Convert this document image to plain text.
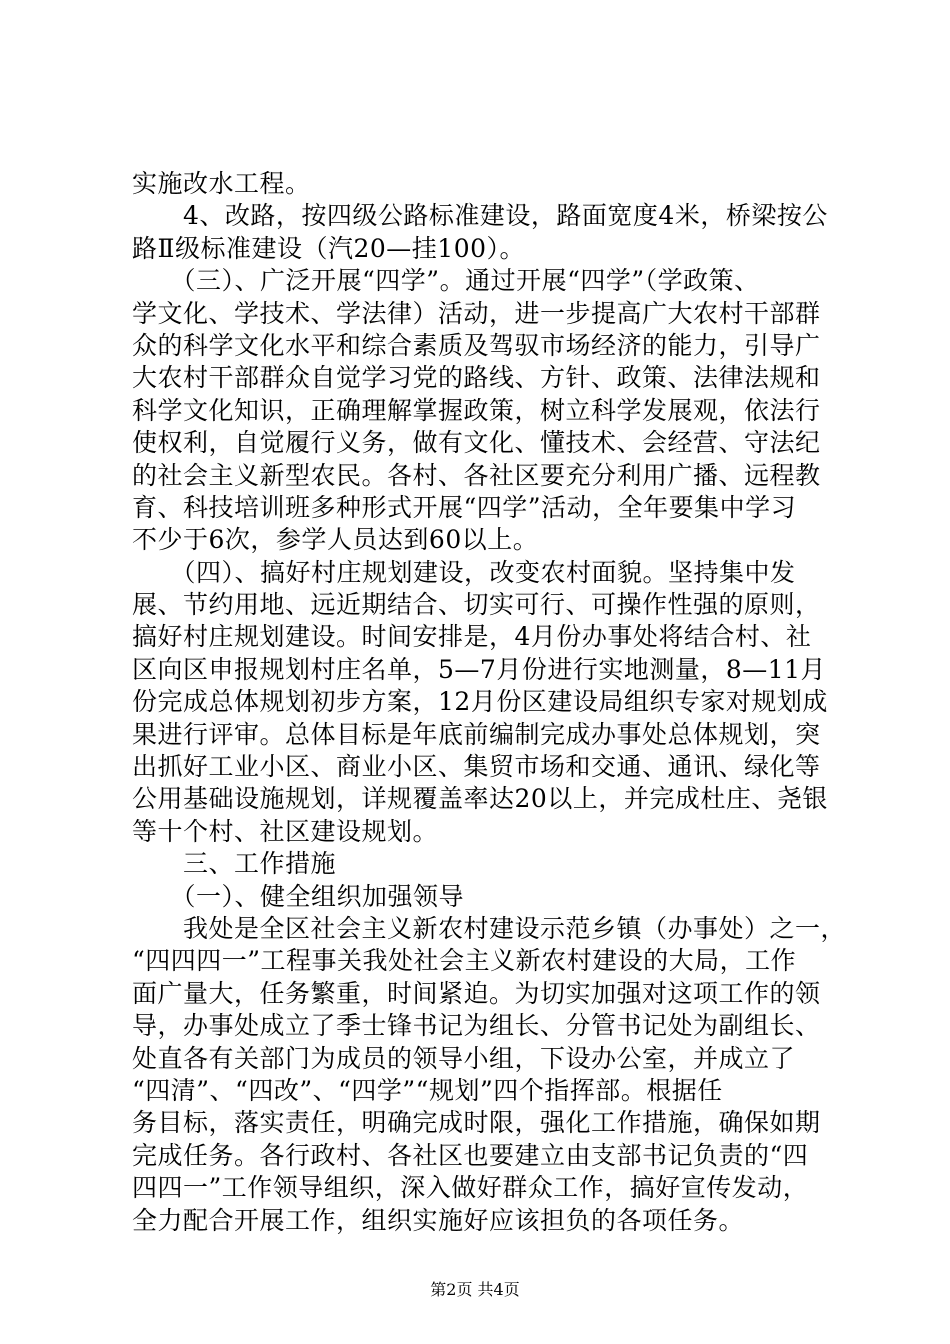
实施改水工程。
　　4、改路，按四级公路标准建设，路面宽度4米，桥梁按公
路Ⅱ级标准建设（汽20—挂100）。
　　（三）、广泛开展“四学”。通过开展“四学”（学政策、
学文化、学技术、学法律）活动，进一步提高广大农村干部群
众的科学文化水平和综合素质及驾驭市场经济的能力，引导广
大农村干部群众自觉学习党的路线、方针、政策、法律法规和
科学文化知识，正确理解掌握政策，树立科学发展观，依法行
使权利，自觉履行义务，做有文化、懂技术、会经营、守法纪
的社会主义新型农民。各村、各社区要充分利用广播、远程教
育、科技培训班多种形式开展“四学”活动，全年要集中学习
不少于6次，参学人员达到60以上。
　　（四）、搞好村庄规划建设，改变农村面貌。坚持集中发
展、节约用地、远近期结合、切实可行、可操作性强的原则，
搞好村庄规划建设。时间安排是，4月份办事处将结合村、社
区向区申报规划村庄名单，5—7月份进行实地测量，8—11月
份完成总体规划初步方案，12月份区建设局组织专家对规划成
果进行评审。总体目标是年底前编制完成办事处总体规划，突
出抓好工业小区、商业小区、集贸市场和交通、通讯、绿化等
公用基础设施规划，详规覆盖率达20以上，并完成杜庄、尧银
等十个村、社区建设规划。
　　三、工作措施
　　（一）、健全组织加强领导
　　我处是全区社会主义新农村建设示范乡镇（办事处）之一，
“四四四一”工程事关我处社会主义新农村建设的大局，工作
面广量大，任务繁重，时间紧迫。为切实加强对这项工作的领
导，办事处成立了季士锋书记为组长、分管书记处为副组长、
处直各有关部门为成员的领导小组，下设办公室，并成立了
“四清”、“四改”、“四学”“规划”四个指挥部。根据任
务目标，落实责任，明确完成时限，强化工作措施，确保如期
完成任务。各行政村、各社区也要建立由支部书记负责的“四
四四一”工作领导组织，深入做好群众工作，搞好宣传发动，
全力配合开展工作，组织实施好应该担负的各项任务。
第2页 共4页
